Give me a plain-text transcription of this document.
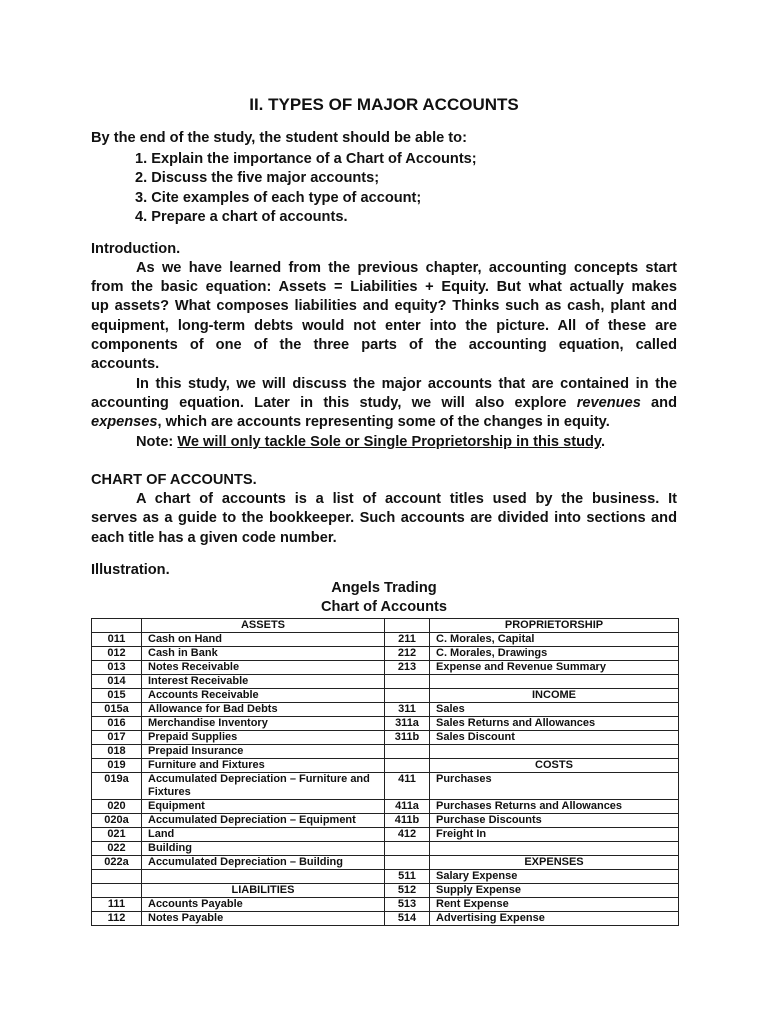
II. TYPES OF MAJOR ACCOUNTS
By the end of the study, the student should be able to:
1. Explain the importance of a Chart of Accounts;
2. Discuss the five major accounts;
3. Cite examples of each type of account;
4. Prepare a chart of accounts.
Introduction.
As we have learned from the previous chapter, accounting concepts start
from the basic equation: Assets = Liabilities + Equity. But what actually makes
up assets? What composes liabilities and equity? Thinks such as cash, plant and
equipment, long-term debts would not enter into the picture. All of these are
components of one of the three parts of the accounting equation, called
accounts.
In this study, we will discuss the major accounts that are contained in the
accounting equation. Later in this study, we will also explore revenues and
expenses, which are accounts representing some of the changes in equity.
Note: We will only tackle Sole or Single Proprietorship in this study.
CHART OF ACCOUNTS.
A chart of accounts is a list of account titles used by the business. It
serves as a guide to the bookkeeper. Such accounts are divided into sections and
each title has a given code number.
Illustration.
Angels Trading
Chart of Accounts
	ASSETS		PROPRIETORSHIP
011	Cash on Hand	211	C. Morales, Capital
012	Cash in Bank	212	C. Morales, Drawings
013	Notes Receivable	213	Expense and Revenue Summary
014	Interest Receivable		
015	Accounts Receivable		INCOME
015a	Allowance for Bad Debts	311	Sales
016	Merchandise Inventory	311a	Sales Returns and Allowances
017	Prepaid Supplies	311b	Sales Discount
018	Prepaid Insurance		
019	Furniture and Fixtures		COSTS
019a	Accumulated Depreciation – Furniture and Fixtures	411	Purchases
020	Equipment	411a	Purchases Returns and Allowances
020a	Accumulated Depreciation – Equipment	411b	Purchase Discounts
021	Land	412	Freight In
022	Building		
022a	Accumulated Depreciation – Building		EXPENSES
		511	Salary Expense
	LIABILITIES	512	Supply Expense
111	Accounts Payable	513	Rent Expense
112	Notes Payable	514	Advertising Expense
